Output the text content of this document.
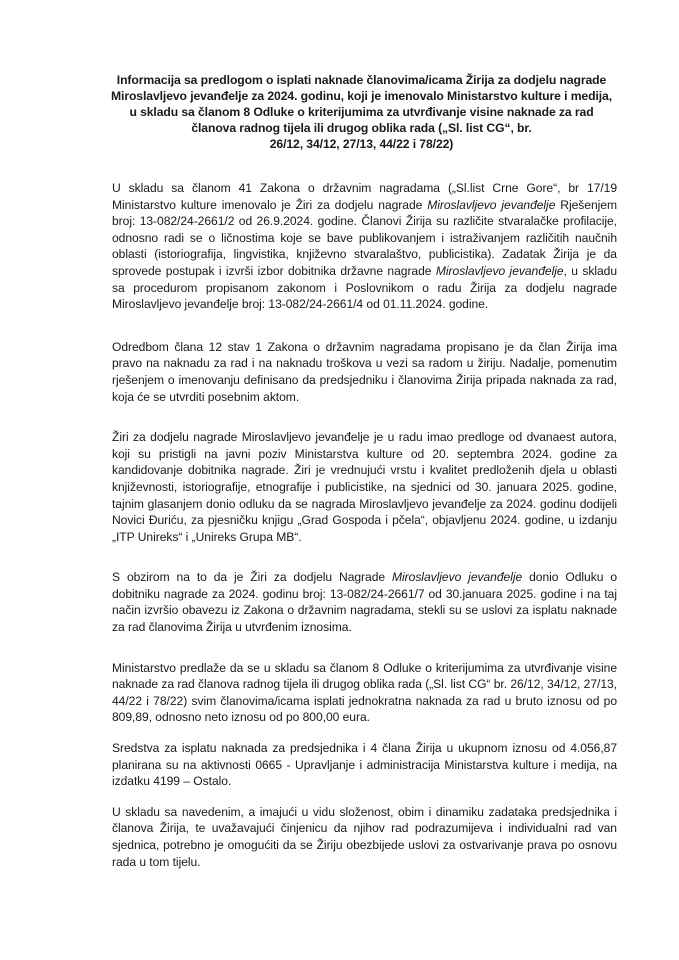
Informacija sa predlogom o isplati naknade članovima/icama Žirija za dodjelu nagrade
Miroslavljevo jevanđelje za 2024. godinu, koji je imenovalo Ministarstvo kulture i medija,
u skladu sa članom 8 Odluke o kriterijumima za utvrđivanje visine naknade za rad
članova radnog tijela ili drugog oblika rada („Sl. list CG“, br.
26/12, 34/12, 27/13, 44/22 i 78/22)

U skladu sa članom 41 Zakona o državnim nagradama („Sl.list Crne Gore“, br 17/19 Ministarstvo kulture imenovalo je Žiri za dodjelu nagrade Miroslavljevo jevanđelje Rješenjem broj: 13-082/24-2661/2 od 26.9.2024. godine. Članovi Žirija su različite stvaralačke profilacije, odnosno radi se o ličnostima koje se bave publikovanjem i istraživanjem različitih naučnih oblasti (istoriografija, lingvistika, književno stvaralaštvo, publicistika). Zadatak Žirija je da sprovede postupak i izvrši izbor dobitnika državne nagrade Miroslavljevo jevanđelje, u skladu sa procedurom propisanom zakonom i Poslovnikom o radu Žirija za dodjelu nagrade Miroslavljevo jevanđelje broj: 13-082/24-2661/4 od 01.11.2024. godine.

Odredbom člana 12 stav 1 Zakona o državnim nagradama propisano je da član Žirija ima pravo na naknadu za rad i na naknadu troškova u vezi sa radom u žiriju. Nadalje, pomenutim rješenjem o imenovanju definisano da predsjedniku i članovima Žirija pripada naknada za rad, koja će se utvrditi posebnim aktom.

Žiri za dodjelu nagrade Miroslavljevo jevanđelje je u radu imao predloge od dvanaest autora, koji su pristigli na javni poziv Ministarstva kulture od 20. septembra 2024. godine za kandidovanje dobitnika nagrade. Žiri je vrednujući vrstu i kvalitet predloženih djela u oblasti književnosti, istoriografije, etnografije i publicistike, na sjednici od 30. januara 2025. godine, tajnim glasanjem donio odluku da se nagrada Miroslavljevo jevanđelje za 2024. godinu dodijeli Novici Đuriću, za pjesničku knjigu „Grad Gospoda i pčela“, objavljenu 2024. godine, u izdanju „ITP Unireks“ i „Unireks Grupa MB“.

S obzirom na to da je Žiri za dodjelu Nagrade Miroslavljevo jevanđelje donio Odluku o dobitniku nagrade za 2024. godinu broj: 13-082/24-2661/7 od 30.januara 2025. godine i na taj način izvršio obavezu iz Zakona o državnim nagradama, stekli su se uslovi za isplatu naknade za rad članovima Žirija u utvrđenim iznosima.

Ministarstvo predlaže da se u skladu sa članom 8 Odluke o kriterijumima za utvrđivanje visine naknade za rad članova radnog tijela ili drugog oblika rada („Sl. list CG“ br. 26/12, 34/12, 27/13, 44/22 i 78/22) svim članovima/icama isplati jednokratna naknada za rad u bruto iznosu od po 809,89, odnosno neto iznosu od po 800,00 eura.

Sredstva za isplatu naknada za predsjednika i 4 člana Žirija u ukupnom iznosu od 4.056,87 planirana su na aktivnosti 0665 - Upravljanje i administracija Ministarstva kulture i medija, na izdatku 4199 – Ostalo.

U skladu sa navedenim, a imajući u vidu složenost, obim i dinamiku zadataka predsjednika i članova Žirija, te uvažavajući činjenicu da njihov rad podrazumijeva i individualni rad van sjednica, potrebno je omogućiti da se Žiriju obezbijede uslovi za ostvarivanje prava po osnovu rada u tom tijelu.
